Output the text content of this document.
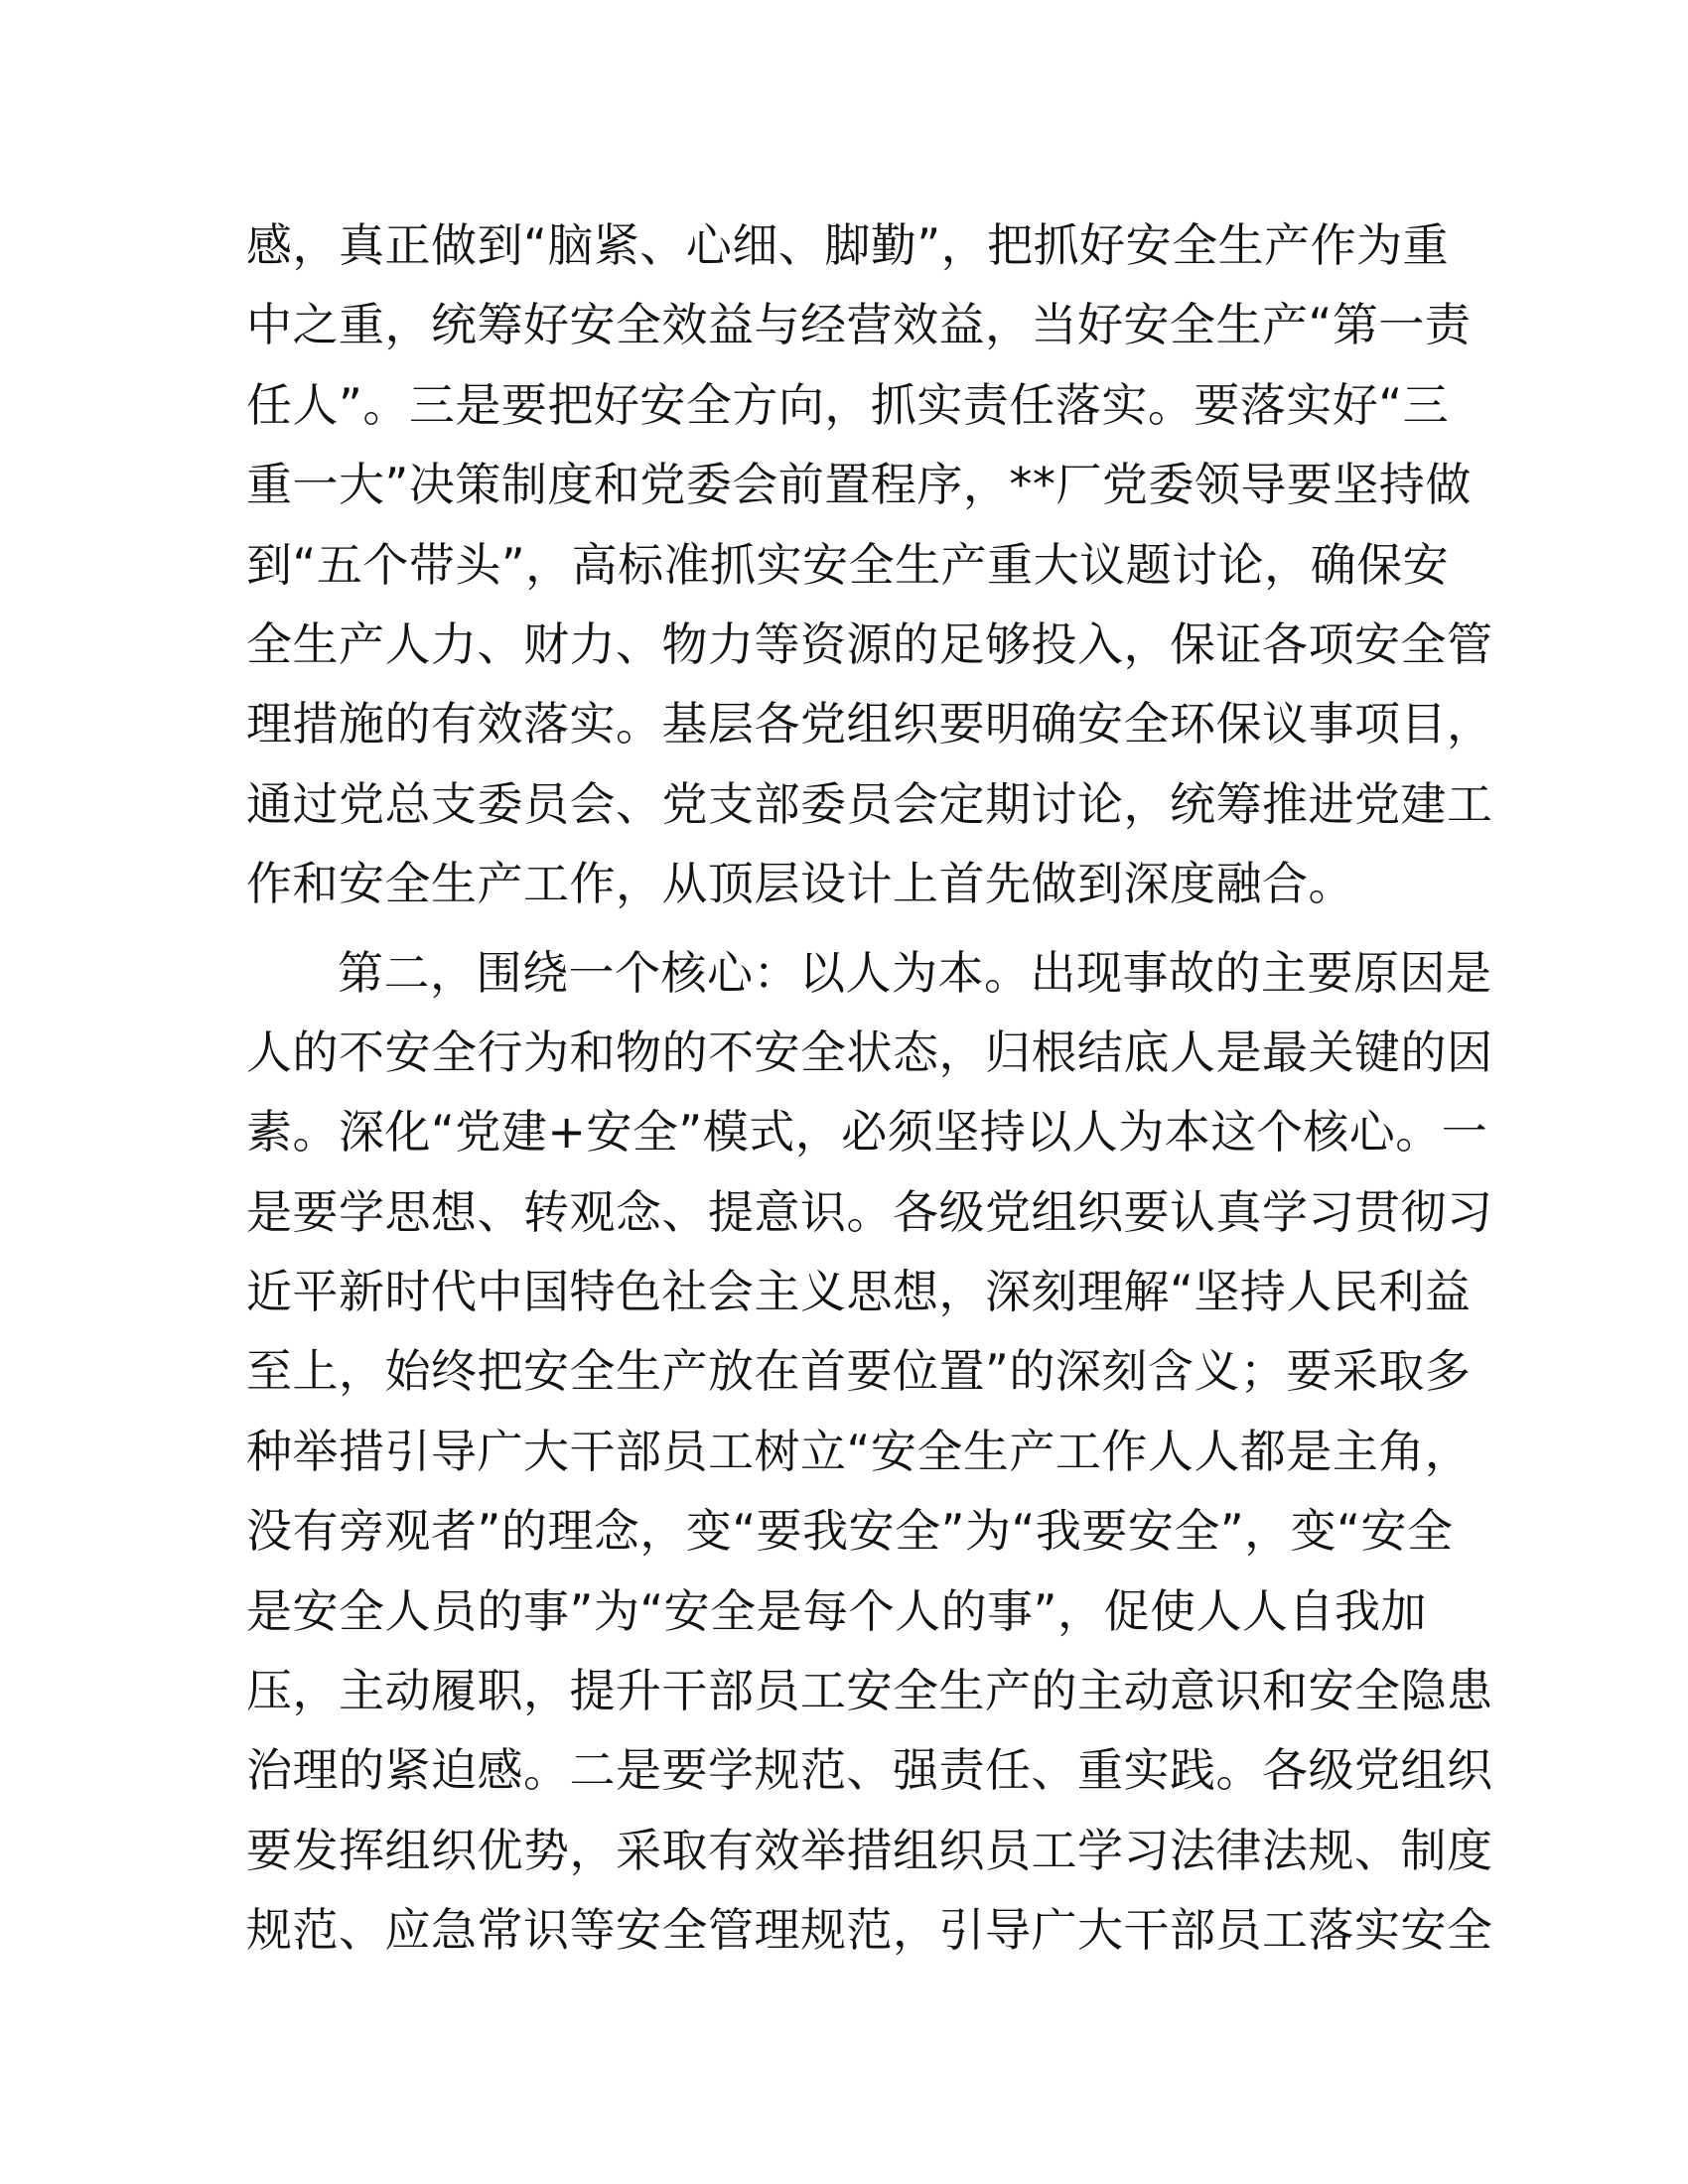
感，真正做到“脑紧、心细、脚勤”，把抓好安全生产作为重
中之重，统筹好安全效益与经营效益，当好安全生产“第一责
任人”。三是要把好安全方向，抓实责任落实。要落实好“三
重一大”决策制度和党委会前置程序，**厂党委领导要坚持做
到“五个带头”，高标准抓实安全生产重大议题讨论，确保安
全生产人力、财力、物力等资源的足够投入，保证各项安全管
理措施的有效落实。基层各党组织要明确安全环保议事项目，
通过党总支委员会、党支部委员会定期讨论，统筹推进党建工
作和安全生产工作，从顶层设计上首先做到深度融合。
第二，围绕一个核心：以人为本。出现事故的主要原因是
人的不安全行为和物的不安全状态，归根结底人是最关键的因
素。深化“党建+安全”模式，必须坚持以人为本这个核心。一
是要学思想、转观念、提意识。各级党组织要认真学习贯彻习
近平新时代中国特色社会主义思想，深刻理解“坚持人民利益
至上，始终把安全生产放在首要位置”的深刻含义；要采取多
种举措引导广大干部员工树立“安全生产工作人人都是主角，
没有旁观者”的理念，变“要我安全”为“我要安全”，变“安全
是安全人员的事”为“安全是每个人的事”，促使人人自我加
压，主动履职，提升干部员工安全生产的主动意识和安全隐患
治理的紧迫感。二是要学规范、强责任、重实践。各级党组织
要发挥组织优势，采取有效举措组织员工学习法律法规、制度
规范、应急常识等安全管理规范，引导广大干部员工落实安全
